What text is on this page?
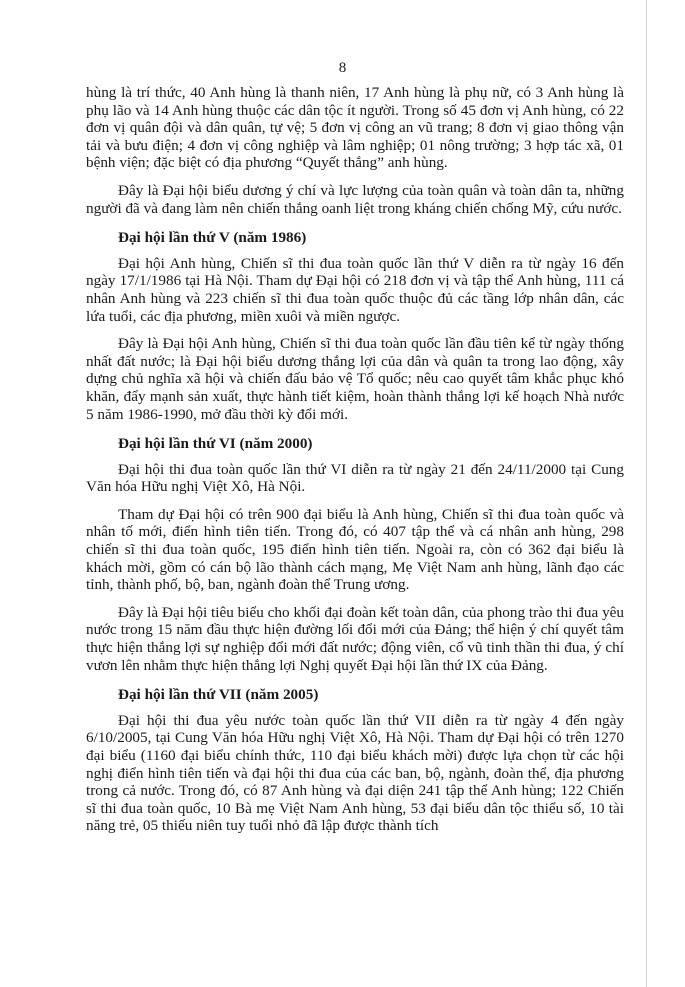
8

hùng là trí thức, 40 Anh hùng là thanh niên, 17 Anh hùng là phụ nữ, có 3 Anh hùng là phụ lão và 14 Anh hùng thuộc các dân tộc ít người. Trong số 45 đơn vị Anh hùng, có 22 đơn vị quân đội và dân quân, tự vệ; 5 đơn vị công an vũ trang; 8 đơn vị giao thông vận tải và bưu điện; 4 đơn vị công nghiệp và lâm nghiệp; 01 nông trường; 3 hợp tác xã, 01 bệnh viện; đặc biệt có địa phương “Quyết thắng” anh hùng.

Đây là Đại hội biểu dương ý chí và lực lượng của toàn quân và toàn dân ta, những người đã và đang làm nên chiến thắng oanh liệt trong kháng chiến chống Mỹ, cứu nước.

Đại hội lần thứ V (năm 1986)

Đại hội Anh hùng, Chiến sĩ thi đua toàn quốc lần thứ V diễn ra từ ngày 16 đến ngày 17/1/1986 tại Hà Nội. Tham dự Đại hội có 218 đơn vị và tập thể Anh hùng, 111 cá nhân Anh hùng và 223 chiến sĩ thi đua toàn quốc thuộc đủ các tầng lớp nhân dân, các lứa tuổi, các địa phương, miền xuôi và miền ngược.

Đây là Đại hội Anh hùng, Chiến sĩ thi đua toàn quốc lần đầu tiên kể từ ngày thống nhất đất nước; là Đại hội biểu dương thắng lợi của dân và quân ta trong lao động, xây dựng chủ nghĩa xã hội và chiến đấu bảo vệ Tổ quốc; nêu cao quyết tâm khắc phục khó khăn, đẩy mạnh sản xuất, thực hành tiết kiệm, hoàn thành thắng lợi kế hoạch Nhà nước 5 năm 1986-1990, mở đầu thời kỳ đổi mới.

Đại hội lần thứ VI (năm 2000)

Đại hội thi đua toàn quốc lần thứ VI diễn ra từ ngày 21 đến 24/11/2000 tại Cung Văn hóa Hữu nghị Việt Xô, Hà Nội.

Tham dự Đại hội có trên 900 đại biểu là Anh hùng, Chiến sĩ thi đua toàn quốc và nhân tố mới, điển hình tiên tiến. Trong đó, có 407 tập thể và cá nhân anh hùng, 298 chiến sĩ thi đua toàn quốc, 195 điển hình tiên tiến. Ngoài ra, còn có 362 đại biểu là khách mời, gồm có cán bộ lão thành cách mạng, Mẹ Việt Nam anh hùng, lãnh đạo các tỉnh, thành phố, bộ, ban, ngành đoàn thể Trung ương.

Đây là Đại hội tiêu biểu cho khối đại đoàn kết toàn dân, của phong trào thi đua yêu nước trong 15 năm đầu thực hiện đường lối đổi mới của Đảng; thể hiện ý chí quyết tâm thực hiện thắng lợi sự nghiệp đổi mới đất nước; động viên, cổ vũ tinh thần thi đua, ý chí vươn lên nhằm thực hiện thắng lợi Nghị quyết Đại hội lần thứ IX của Đảng.

Đại hội lần thứ VII (năm 2005)

Đại hội thi đua yêu nước toàn quốc lần thứ VII diễn ra từ ngày 4 đến ngày 6/10/2005, tại Cung Văn hóa Hữu nghị Việt Xô, Hà Nội. Tham dự Đại hội có trên 1270 đại biểu (1160 đại biểu chính thức, 110 đại biểu khách mời) được lựa chọn từ các hội nghị điển hình tiên tiến và đại hội thi đua của các ban, bộ, ngành, đoàn thể, địa phương trong cả nước. Trong đó, có 87 Anh hùng và đại diện 241 tập thể Anh hùng; 122 Chiến sĩ thi đua toàn quốc, 10 Bà mẹ Việt Nam Anh hùng, 53 đại biểu dân tộc thiểu số, 10 tài năng trẻ, 05 thiếu niên tuy tuổi nhỏ đã lập được thành tích
